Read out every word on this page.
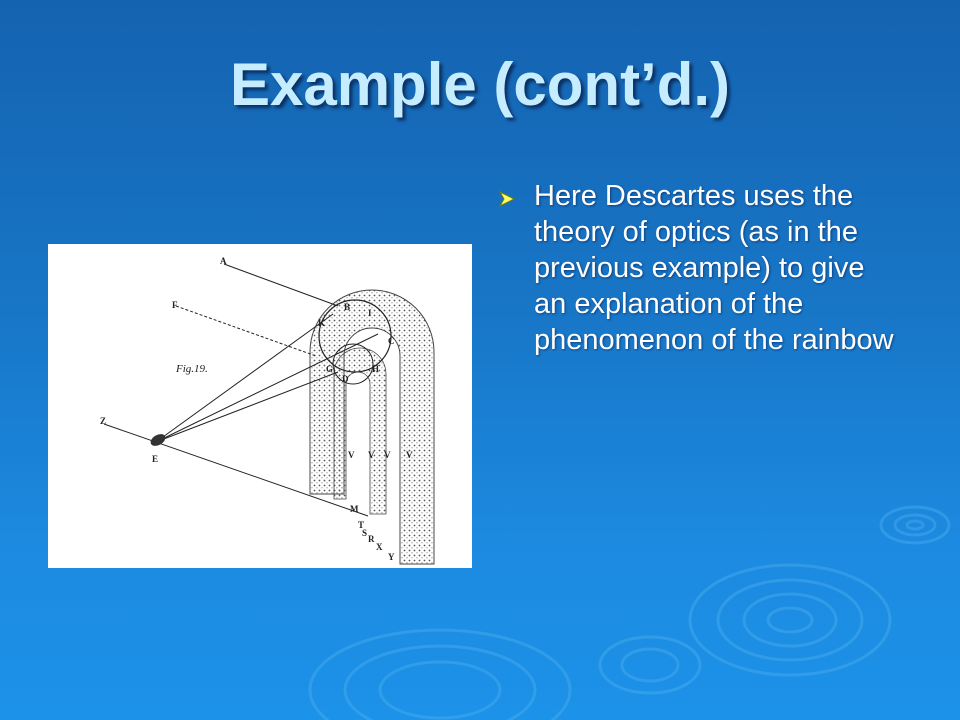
Example (cont’d.)
A
F
Z
E
B
K
I
C
G
D
H
M
T
S
R
X
Y
V V V V
Fig.19.
Here Descartes uses the theory of optics (as in the previous example) to give an explanation of the phenomenon of the rainbow
